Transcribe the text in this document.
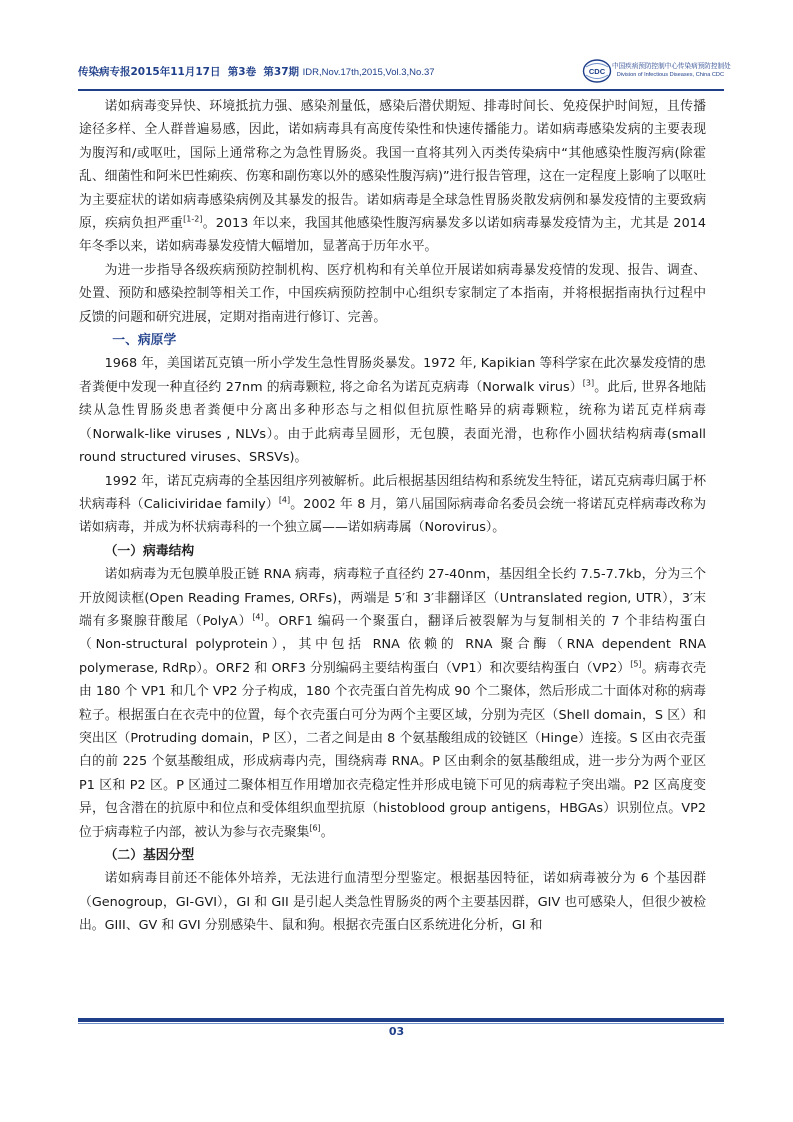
传染病专报2015年11月17日 第3卷 第37期 IDR,Nov.17th,2015,Vol.3,No.37	CDC
中国疾病预防控制中心传染病预防控制处
Division of Infectious Diseases, China CDC

诺如病毒变异快、环境抵抗力强、感染剂量低，感染后潜伏期短、排毒时间长、免疫保护时间短，且传播途径多样、全人群普遍易感，因此，诺如病毒具有高度传染性和快速传播能力。诺如病毒感染发病的主要表现为腹泻和/或呕吐，国际上通常称之为急性胃肠炎。我国一直将其列入丙类传染病中“其他感染性腹泻病(除霍乱、细菌性和阿米巴性痢疾、伤寒和副伤寒以外的感染性腹泻病)”进行报告管理，这在一定程度上影响了以呕吐为主要症状的诺如病毒感染病例及其暴发的报告。诺如病毒是全球急性胃肠炎散发病例和暴发疫情的主要致病原，疾病负担严重[1-2]。2013 年以来，我国其他感染性腹泻病暴发多以诺如病毒暴发疫情为主，尤其是 2014 年冬季以来，诺如病毒暴发疫情大幅增加，显著高于历年水平。

为进一步指导各级疾病预防控制机构、医疗机构和有关单位开展诺如病毒暴发疫情的发现、报告、调查、处置、预防和感染控制等相关工作，中国疾病预防控制中心组织专家制定了本指南，并将根据指南执行过程中反馈的问题和研究进展，定期对指南进行修订、完善。

一、病原学

1968 年，美国诺瓦克镇一所小学发生急性胃肠炎暴发。1972 年, Kapikian 等科学家在此次暴发疫情的患者粪便中发现一种直径约 27nm 的病毒颗粒, 将之命名为诺瓦克病毒（Norwalk virus）[3]。此后, 世界各地陆续从急性胃肠炎患者粪便中分离出多种形态与之相似但抗原性略异的病毒颗粒，统称为诺瓦克样病毒（Norwalk-like viruses , NLVs）。由于此病毒呈圆形，无包膜，表面光滑，也称作小圆状结构病毒(small round structured viruses、SRSVs)。

1992 年，诺瓦克病毒的全基因组序列被解析。此后根据基因组结构和系统发生特征，诺瓦克病毒归属于杯状病毒科（Caliciviridae family）[4]。2002 年 8 月，第八届国际病毒命名委员会统一将诺瓦克样病毒改称为诺如病毒，并成为杯状病毒科的一个独立属——诺如病毒属（Norovirus）。

（一）病毒结构

诺如病毒为无包膜单股正链 RNA 病毒，病毒粒子直径约 27-40nm，基因组全长约 7.5-7.7kb，分为三个开放阅读框(Open Reading Frames, ORFs)，两端是 5′和 3′非翻译区（Untranslated region, UTR），3′末端有多聚腺苷酸尾（PolyA）[4]。ORF1 编码一个聚蛋白，翻译后被裂解为与复制相关的 7 个非结构蛋白（Non-structural polyprotein），其中包括 RNA 依赖的 RNA 聚合酶（RNA dependent RNA polymerase, RdRp）。ORF2 和 ORF3 分别编码主要结构蛋白（VP1）和次要结构蛋白（VP2）[5]。病毒衣壳由 180 个 VP1 和几个 VP2 分子构成，180 个衣壳蛋白首先构成 90 个二聚体，然后形成二十面体对称的病毒粒子。根据蛋白在衣壳中的位置，每个衣壳蛋白可分为两个主要区域，分别为壳区（Shell domain，S 区）和突出区（Protruding domain，P 区），二者之间是由 8 个氨基酸组成的铰链区（Hinge）连接。S 区由衣壳蛋白的前 225 个氨基酸组成，形成病毒内壳，围绕病毒 RNA。P 区由剩余的氨基酸组成，进一步分为两个亚区 P1 区和 P2 区。P 区通过二聚体相互作用增加衣壳稳定性并形成电镜下可见的病毒粒子突出端。P2 区高度变异，包含潜在的抗原中和位点和受体组织血型抗原（histoblood group antigens，HBGAs）识别位点。VP2 位于病毒粒子内部，被认为参与衣壳聚集[6]。

（二）基因分型

诺如病毒目前还不能体外培养，无法进行血清型分型鉴定。根据基因特征，诺如病毒被分为 6 个基因群（Genogroup，GI-GVI），GI 和 GII 是引起人类急性胃肠炎的两个主要基因群，GIV 也可感染人，但很少被检出。GIII、GV 和 GVI 分别感染牛、鼠和狗。根据衣壳蛋白区系统进化分析，GI 和

03
